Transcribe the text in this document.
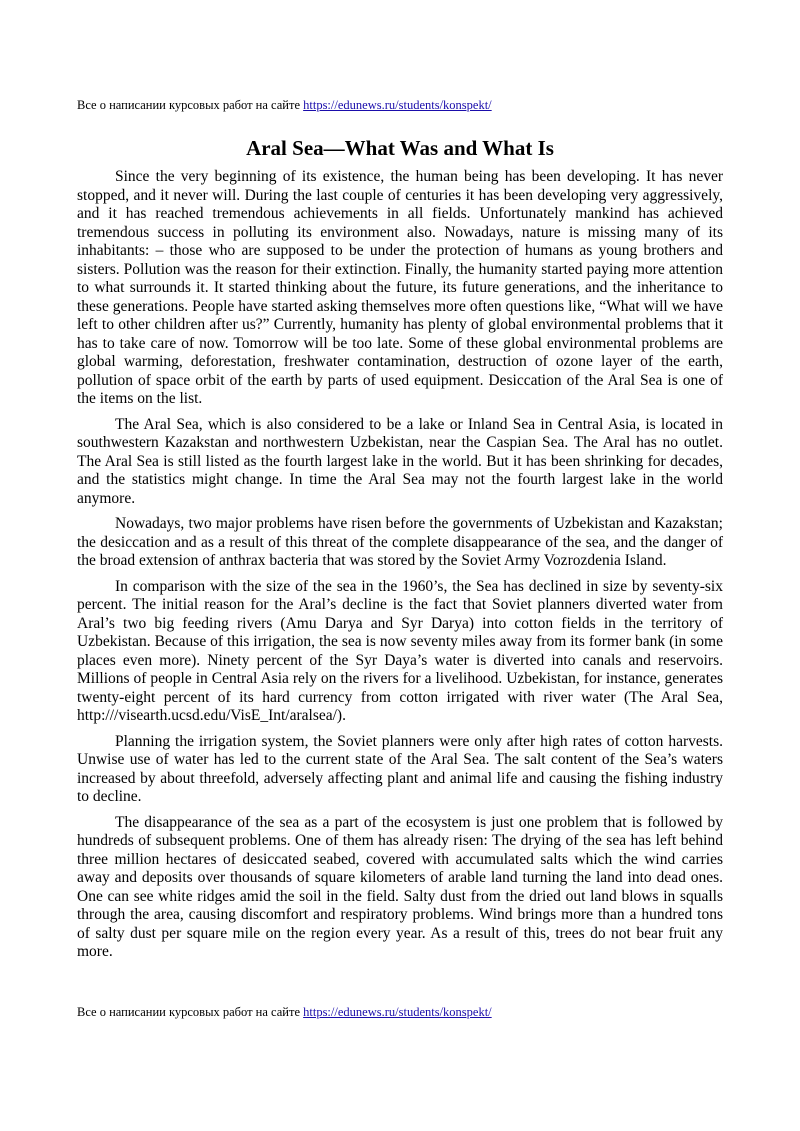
Все о написании курсовых работ на сайте https://edunews.ru/students/konspekt/
Aral Sea—What Was and What Is

Since the very beginning of its existence, the human being has been developing. It has never stopped, and it never will. During the last couple of centuries it has been developing very aggressively, and it has reached tremendous achievements in all fields. Unfortunately mankind has achieved tremendous success in polluting its environment also. Nowadays, nature is missing many of its inhabitants: – those who are supposed to be under the protection of humans as young brothers and sisters. Pollution was the reason for their extinction. Finally, the humanity started paying more attention to what surrounds it. It started thinking about the future, its future generations, and the inheritance to these generations. People have started asking themselves more often questions like, “What will we have left to other children after us?” Currently, humanity has plenty of global environmental problems that it has to take care of now. Tomorrow will be too late. Some of these global environmental problems are global warming, deforestation, freshwater contamination, destruction of ozone layer of the earth, pollution of space orbit of the earth by parts of used equipment. Desiccation of the Aral Sea is one of the items on the list.

The Aral Sea, which is also considered to be a lake or Inland Sea in Central Asia, is located in southwestern Kazakstan and northwestern Uzbekistan, near the Caspian Sea. The Aral has no outlet. The Aral Sea is still listed as the fourth largest lake in the world. But it has been shrinking for decades, and the statistics might change. In time the Aral Sea may not the fourth largest lake in the world anymore.

Nowadays, two major problems have risen before the governments of Uzbekistan and Kazakstan; the desiccation and as a result of this threat of the complete disappearance of the sea, and the danger of the broad extension of anthrax bacteria that was stored by the Soviet Army Vozrozdenia Island.

In comparison with the size of the sea in the 1960’s, the Sea has declined in size by seventy-six percent. The initial reason for the Aral’s decline is the fact that Soviet planners diverted water from Aral’s two big feeding rivers (Amu Darya and Syr Darya) into cotton fields in the territory of Uzbekistan. Because of this irrigation, the sea is now seventy miles away from its former bank (in some places even more). Ninety percent of the Syr Daya’s water is diverted into canals and reservoirs. Millions of people in Central Asia rely on the rivers for a livelihood. Uzbekistan, for instance, generates twenty-eight percent of its hard currency from cotton irrigated with river water (The Aral Sea, http:///visearth.ucsd.edu/VisE_Int/aralsea/).

Planning the irrigation system, the Soviet planners were only after high rates of cotton harvests. Unwise use of water has led to the current state of the Aral Sea. The salt content of the Sea’s waters increased by about threefold, adversely affecting plant and animal life and causing the fishing industry to decline.

The disappearance of the sea as a part of the ecosystem is just one problem that is followed by hundreds of subsequent problems. One of them has already risen: The drying of the sea has left behind three million hectares of desiccated seabed, covered with accumulated salts which the wind carries away and deposits over thousands of square kilometers of arable land turning the land into dead ones. One can see white ridges amid the soil in the field. Salty dust from the dried out land blows in squalls through the area, causing discomfort and respiratory problems. Wind brings more than a hundred tons of salty dust per square mile on the region every year. As a result of this, trees do not bear fruit any more.

Все о написании курсовых работ на сайте https://edunews.ru/students/konspekt/
